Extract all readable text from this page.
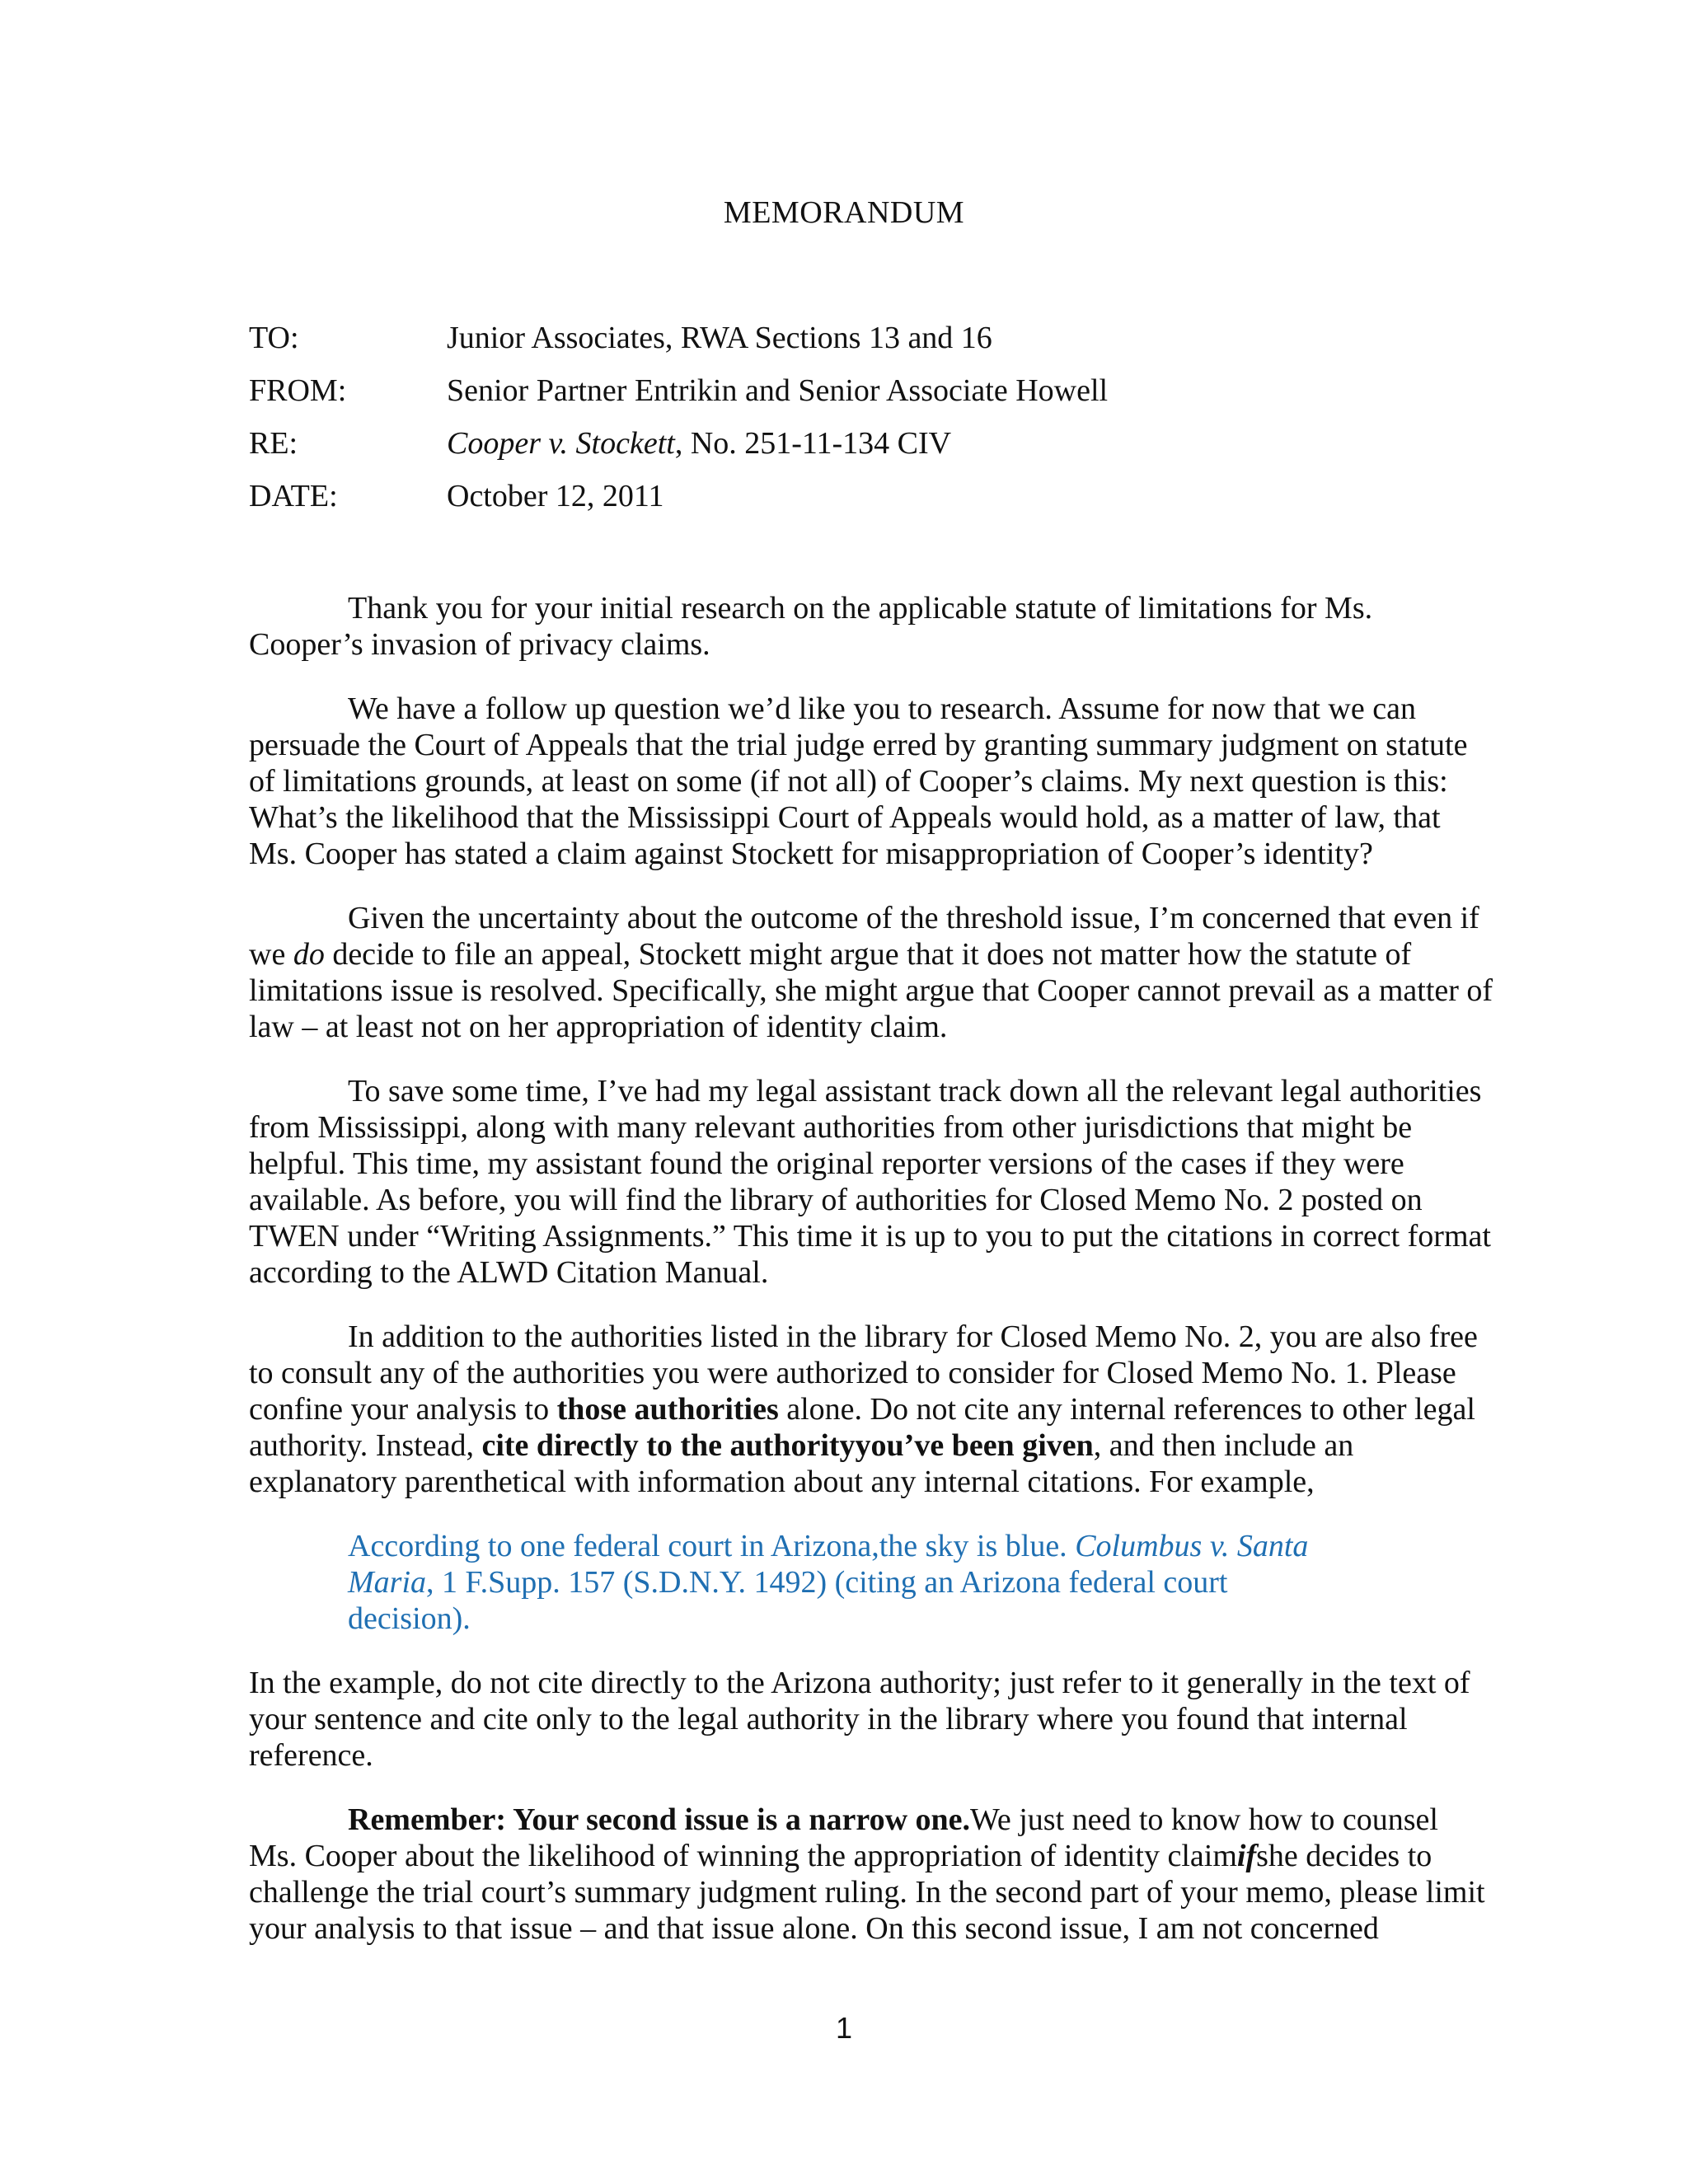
MEMORANDUM
TO:	Junior Associates, RWA Sections 13 and 16
FROM:	Senior Partner Entrikin and Senior Associate Howell
RE:	Cooper v. Stockett, No. 251-11-134 CIV
DATE:	October 12, 2011

Thank you for your initial research on the applicable statute of limitations for Ms. Cooper’s invasion of privacy claims.

We have a follow up question we’d like you to research. Assume for now that we can persuade the Court of Appeals that the trial judge erred by granting summary judgment on statute of limitations grounds, at least on some (if not all) of Cooper’s claims. My next question is this: What’s the likelihood that the Mississippi Court of Appeals would hold, as a matter of law, that Ms. Cooper has stated a claim against Stockett for misappropriation of Cooper’s identity?

Given the uncertainty about the outcome of the threshold issue, I’m concerned that even if we do decide to file an appeal, Stockett might argue that it does not matter how the statute of limitations issue is resolved. Specifically, she might argue that Cooper cannot prevail as a matter of law – at least not on her appropriation of identity claim.

To save some time, I’ve had my legal assistant track down all the relevant legal authorities from Mississippi, along with many relevant authorities from other jurisdictions that might be helpful. This time, my assistant found the original reporter versions of the cases if they were available. As before, you will find the library of authorities for Closed Memo No. 2 posted on TWEN under “Writing Assignments.” This time it is up to you to put the citations in correct format according to the ALWD Citation Manual.

In addition to the authorities listed in the library for Closed Memo No. 2, you are also free to consult any of the authorities you were authorized to consider for Closed Memo No. 1. Please confine your analysis to those authorities alone. Do not cite any internal references to other legal authority. Instead, cite directly to the authorityyou’ve been given, and then include an explanatory parenthetical with information about any internal citations. For example,

According to one federal court in Arizona,the sky is blue. Columbus v. Santa Maria, 1 F.Supp. 157 (S.D.N.Y. 1492) (citing an Arizona federal court decision).

In the example, do not cite directly to the Arizona authority; just refer to it generally in the text of your sentence and cite only to the legal authority in the library where you found that internal reference.

Remember: Your second issue is a narrow one.We just need to know how to counsel Ms. Cooper about the likelihood of winning the appropriation of identity claimifshe decides to challenge the trial court’s summary judgment ruling. In the second part of your memo, please limit your analysis to that issue – and that issue alone. On this second issue, I am not concerned

1
